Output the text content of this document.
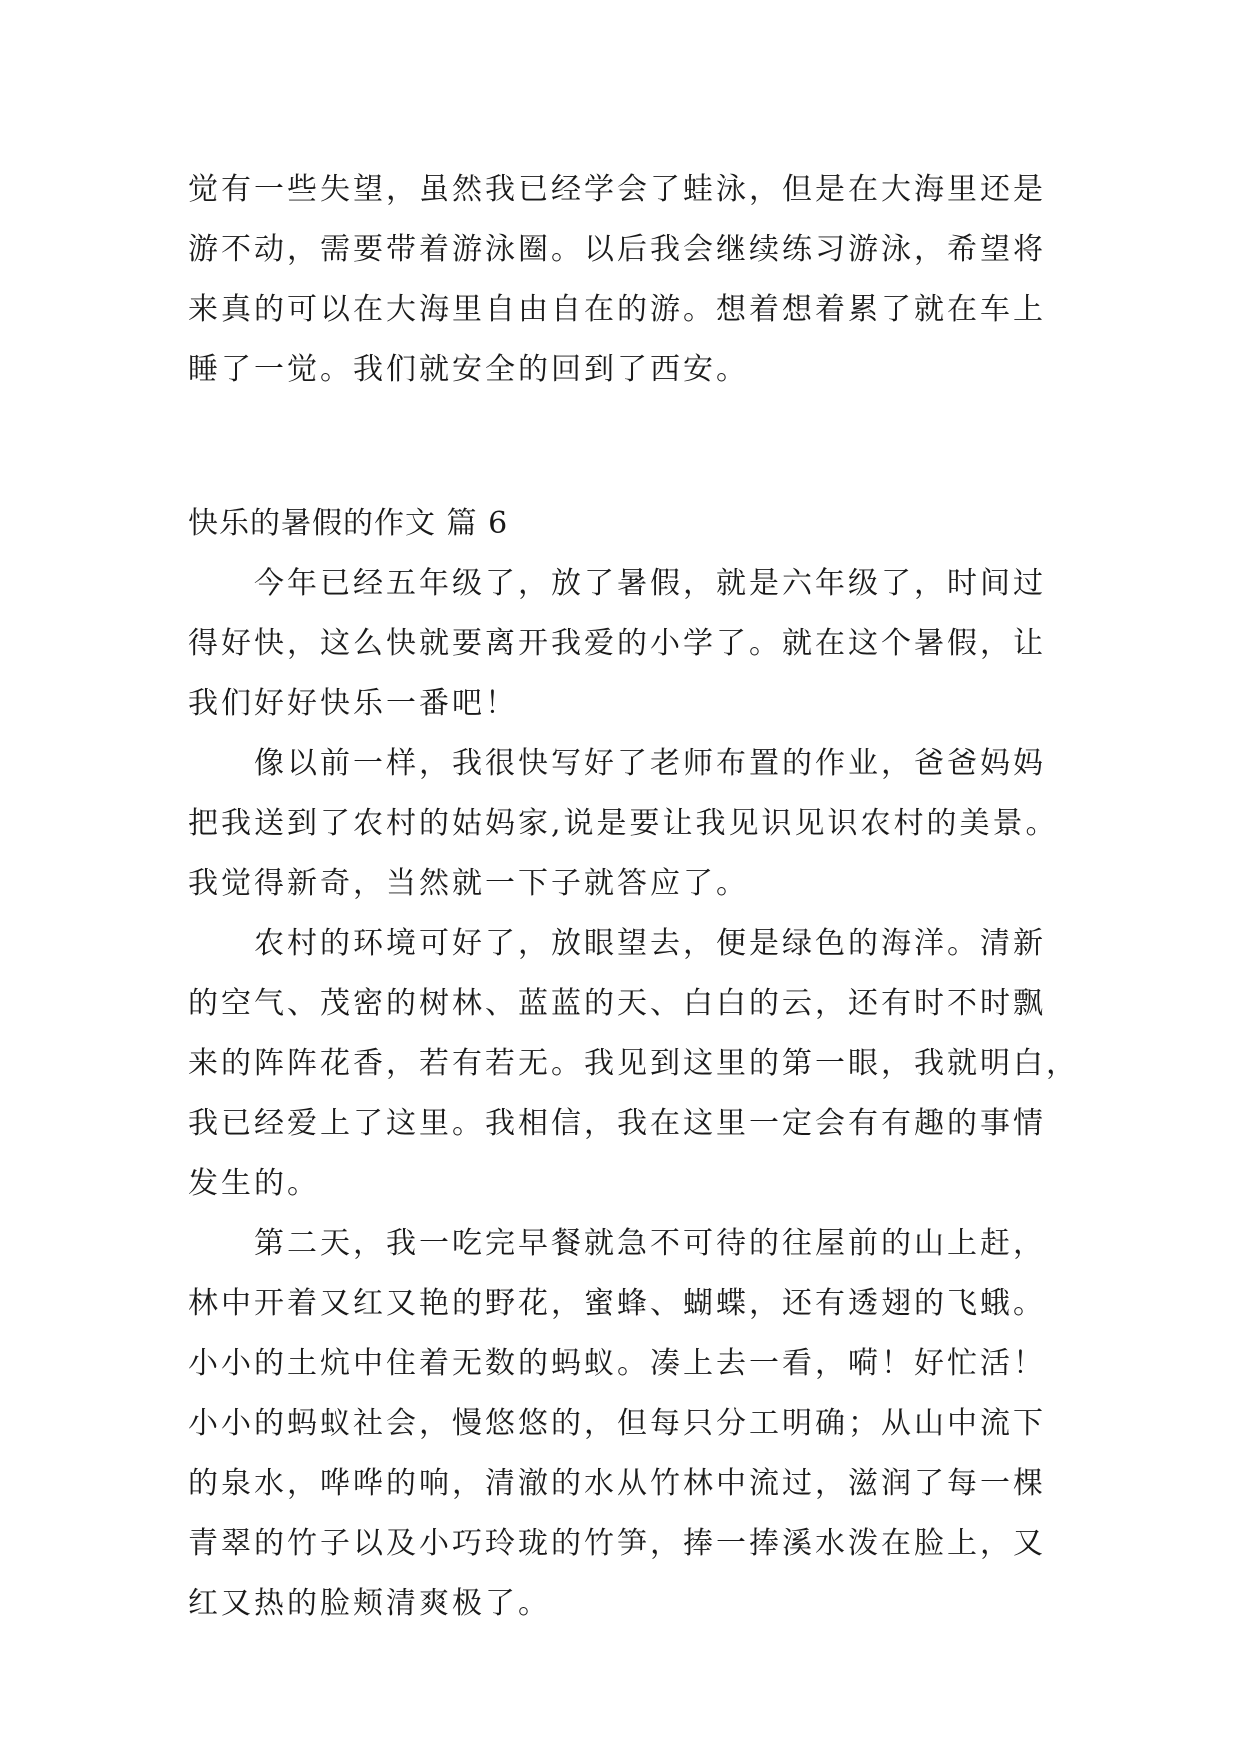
觉有一些失望，虽然我已经学会了蛙泳，但是在大海里还是
游不动，需要带着游泳圈。以后我会继续练习游泳，希望将
来真的可以在大海里自由自在的游。想着想着累了就在车上
睡了一觉。我们就安全的回到了西安。
快乐的暑假的作文 篇 6
今年已经五年级了，放了暑假，就是六年级了，时间过
得好快，这么快就要离开我爱的小学了。就在这个暑假，让
我们好好快乐一番吧！
像以前一样，我很快写好了老师布置的作业，爸爸妈妈
把我送到了农村的姑妈家,说是要让我见识见识农村的美景。
我觉得新奇，当然就一下子就答应了。
农村的环境可好了，放眼望去，便是绿色的海洋。清新
的空气、茂密的树林、蓝蓝的天、白白的云，还有时不时飘
来的阵阵花香，若有若无。我见到这里的第一眼，我就明白，
我已经爱上了这里。我相信，我在这里一定会有有趣的事情
发生的。
第二天，我一吃完早餐就急不可待的往屋前的山上赶，
林中开着又红又艳的野花，蜜蜂、蝴蝶，还有透翅的飞蛾。
小小的土炕中住着无数的蚂蚁。凑上去一看，嗬！好忙活！
小小的蚂蚁社会，慢悠悠的，但每只分工明确；从山中流下
的泉水，哗哗的响，清澈的水从竹林中流过，滋润了每一棵
青翠的竹子以及小巧玲珑的竹笋，捧一捧溪水泼在脸上，又
红又热的脸颊清爽极了。
